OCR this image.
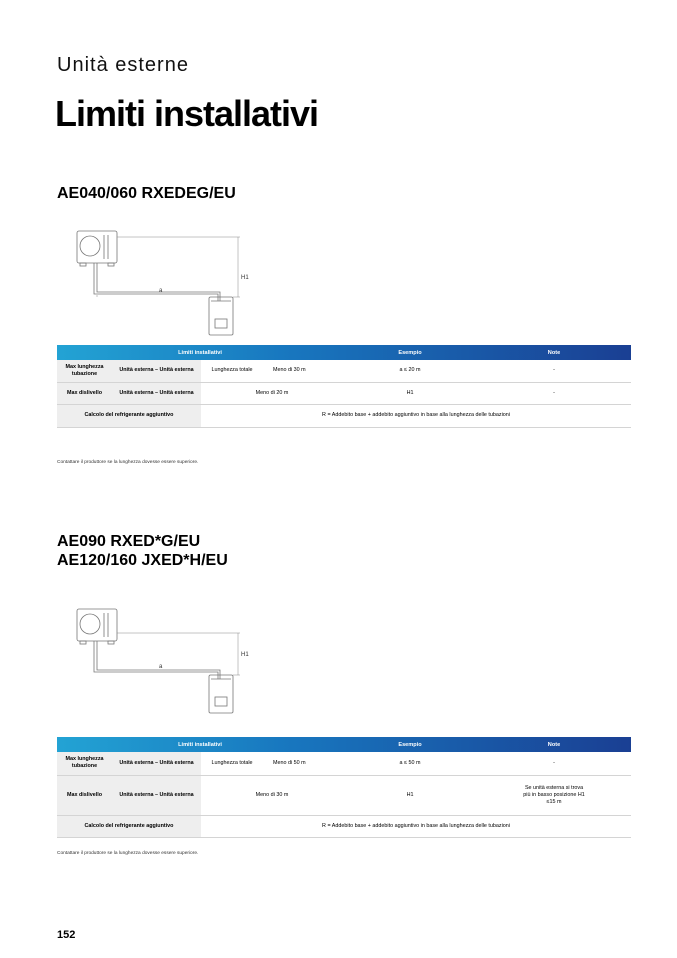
Unità esterne
Limiti installativi
AE040/060 RXEDEG/EU
H1
a
Limiti installativi				Esempio	Note
Max lunghezza tubazione	Unità esterna – Unità esterna	Lunghezza totale	Meno di 30 m	a ≤ 20 m	-
Max dislivello	Unità esterna – Unità esterna	Meno di 20 m		H1	-
Calcolo del refrigerante aggiuntivo		R = Addebito base + addebito aggiuntivo in base alla lunghezza delle tubazioni			
Contattare il produttore se la lunghezza dovesse essere superiore.
AE090 RXED*G/EU
AE120/160 JXED*H/EU
H1
a
Limiti installativi				Esempio	Note
Max lunghezza tubazione	Unità esterna – Unità esterna	Lunghezza totale	Meno di 50 m	a ≤ 50 m	-
Max dislivello	Unità esterna – Unità esterna	Meno di 30 m		H1	Se unità esterna si trova più in basso posizione H1 ≤15 m
Calcolo del refrigerante aggiuntivo		R = Addebito base + addebito aggiuntivo in base alla lunghezza delle tubazioni			
Contattare il produttore se la lunghezza dovesse essere superiore.
152
